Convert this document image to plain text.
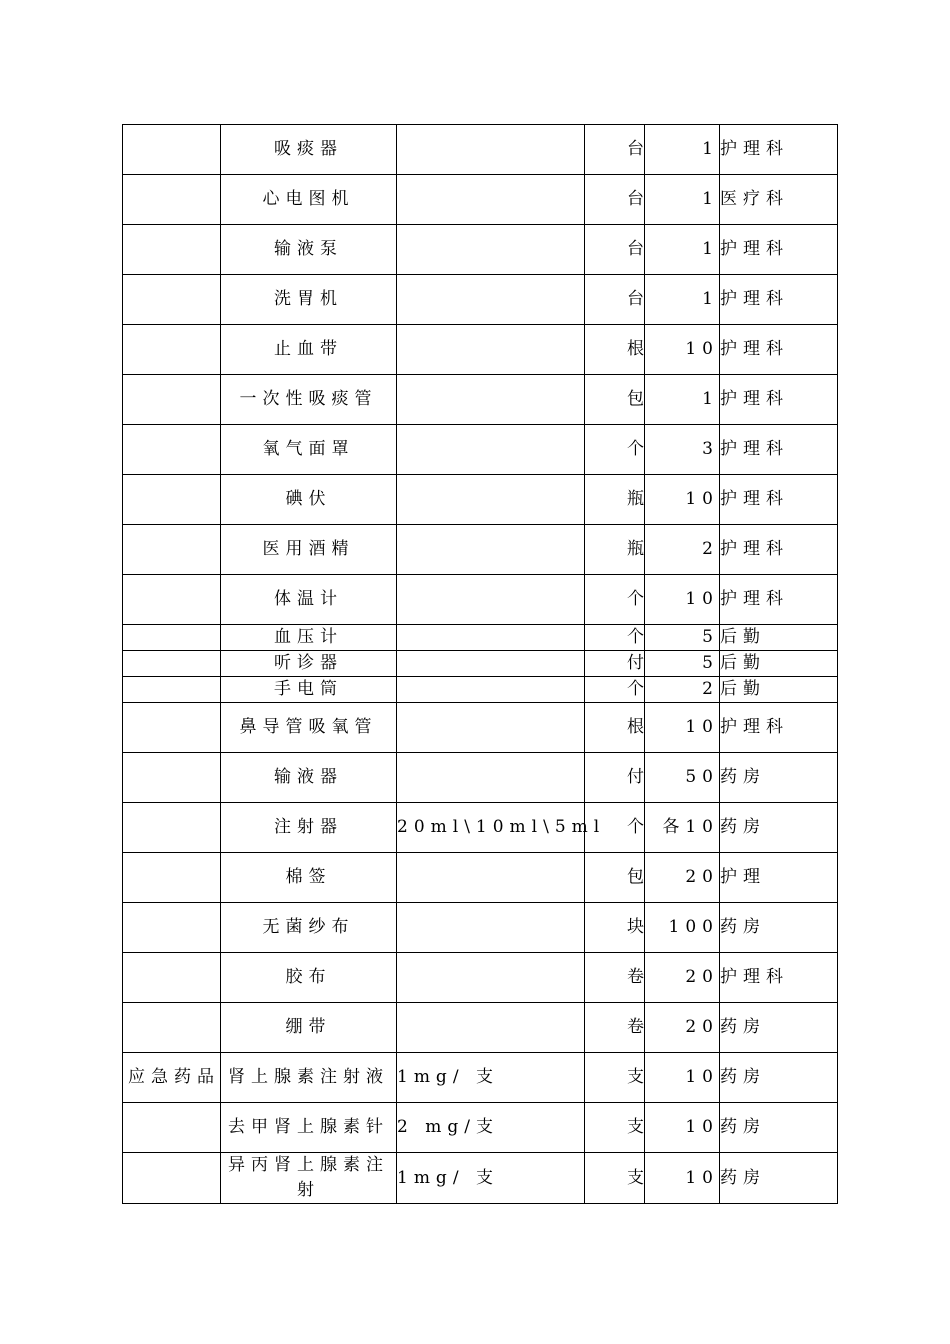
	吸痰器		台	1	护理科
	心电图机		台	1	医疗科
	输液泵		台	1	护理科
	洗胃机		台	1	护理科
	止血带		根	10	护理科
	一次性吸痰管		包	1	护理科
	氧气面罩		个	3	护理科
	碘伏		瓶	10	护理科
	医用酒精		瓶	2	护理科
	体温计		个	10	护理科
	血压计		个	5	后勤
	听诊器		付	5	后勤
	手电筒		个	2	后勤
	鼻导管吸氧管		根	10	护理科
	输液器		付	50	药房
	注射器	20ml\10ml\5ml	个	各10	药房
	棉签		包	20	护理
	无菌纱布		块	100	药房
	胶布		卷	20	护理科
	绷带		卷	20	药房
应急药品	肾上腺素注射液	1mg/ 支	支	10	药房
	去甲肾上腺素针	2 mg/支	支	10	药房
	异丙肾上腺素注射	1mg/ 支	支	10	药房
